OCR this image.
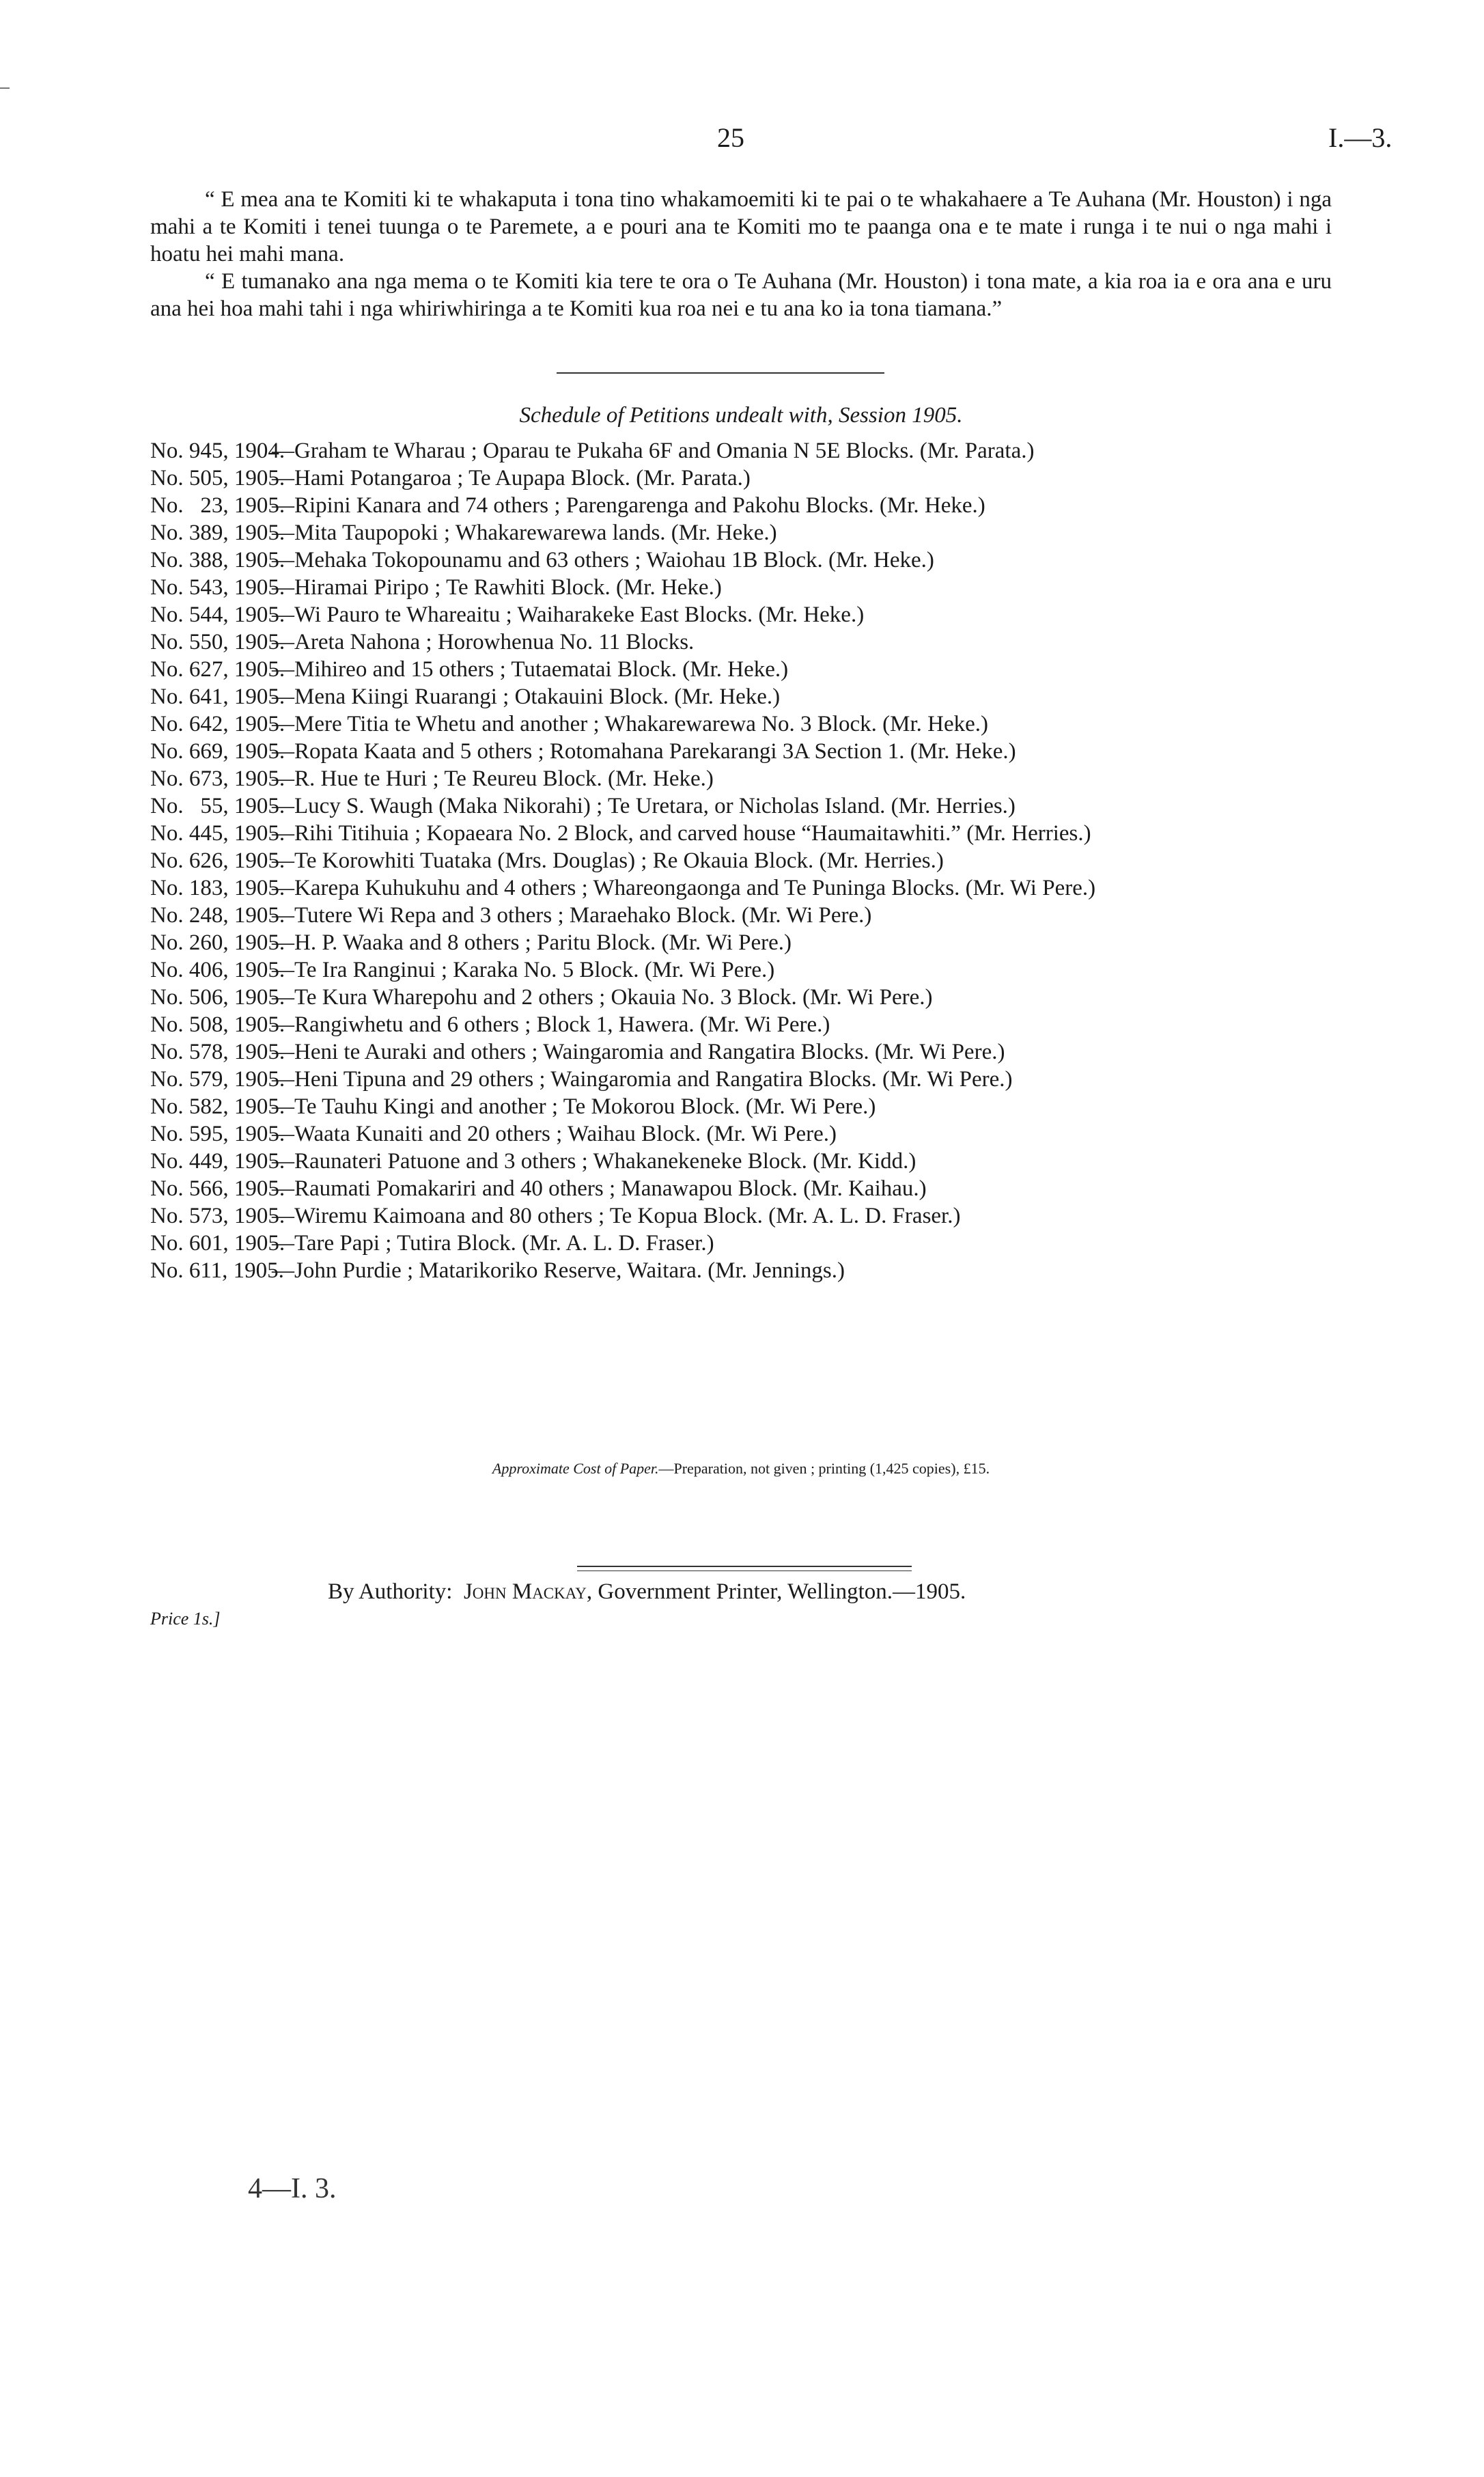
25	I.—3.

“ E mea ana te Komiti ki te whakaputa i tona tino whakamoemiti ki te pai o te whakahaere a Te Auhana (Mr. Houston) i nga mahi a te Komiti i tenei tuunga o te Paremete, a e pouri ana te Komiti mo te paanga ona e te mate i runga i te nui o nga mahi i hoatu hei mahi mana.

“ E tumanako ana nga mema o te Komiti kia tere te ora o Te Auhana (Mr. Houston) i tona mate, a kia roa ia e ora ana e uru ana hei hoa mahi tahi i nga whiriwhiringa a te Komiti kua roa nei e tu ana ko ia tona tiamana.”

Schedule of Petitions undealt with, Session 1905.
No. 945, 1904.
—Graham te Wharau ; Oparau te Pukaha 6F and Omania N 5E Blocks. (Mr. Parata.)
No. 505, 1905.
—Hami Potangaroa ; Te Aupapa Block. (Mr. Parata.)
No.   23, 1905.
—Ripini Kanara and 74 others ; Parengarenga and Pakohu Blocks. (Mr. Heke.)
No. 389, 1905.
—Mita Taupopoki ; Whakarewarewa lands. (Mr. Heke.)
No. 388, 1905.
—Mehaka Tokopounamu and 63 others ; Waiohau 1B Block. (Mr. Heke.)
No. 543, 1905.
—Hiramai Piripo ; Te Rawhiti Block. (Mr. Heke.)
No. 544, 1905.
—Wi Pauro te Whareaitu ; Waiharakeke East Blocks. (Mr. Heke.)
No. 550, 1905.
—Areta Nahona ; Horowhenua No. 11 Blocks.
No. 627, 1905.
—Mihireo and 15 others ; Tutaematai Block. (Mr. Heke.)
No. 641, 1905.
—Mena Kiingi Ruarangi ; Otakauini Block. (Mr. Heke.)
No. 642, 1905.
—Mere Titia te Whetu and another ; Whakarewarewa No. 3 Block. (Mr. Heke.)
No. 669, 1905.
—Ropata Kaata and 5 others ; Rotomahana Parekarangi 3A Section 1. (Mr. Heke.)
No. 673, 1905.
—R. Hue te Huri ; Te Reureu Block. (Mr. Heke.)
No.   55, 1905.
—Lucy S. Waugh (Maka Nikorahi) ; Te Uretara, or Nicholas Island. (Mr. Herries.)
No. 445, 1905.
—Rihi Titihuia ; Kopaeara No. 2 Block, and carved house “Haumaitawhiti.” (Mr. Herries.)
No. 626, 1905.
—Te Korowhiti Tuataka (Mrs. Douglas) ; Re Okauia Block. (Mr. Herries.)
No. 183, 1905.
—Karepa Kuhukuhu and 4 others ; Whareongaonga and Te Puninga Blocks. (Mr. Wi Pere.)
No. 248, 1905.
—Tutere Wi Repa and 3 others ; Maraehako Block. (Mr. Wi Pere.)
No. 260, 1905.
—H. P. Waaka and 8 others ; Paritu Block. (Mr. Wi Pere.)
No. 406, 1905.
—Te Ira Ranginui ; Karaka No. 5 Block. (Mr. Wi Pere.)
No. 506, 1905.
—Te Kura Wharepohu and 2 others ; Okauia No. 3 Block. (Mr. Wi Pere.)
No. 508, 1905.
—Rangiwhetu and 6 others ; Block 1, Hawera. (Mr. Wi Pere.)
No. 578, 1905.
—Heni te Auraki and others ; Waingaromia and Rangatira Blocks. (Mr. Wi Pere.)
No. 579, 1905.
—Heni Tipuna and 29 others ; Waingaromia and Rangatira Blocks. (Mr. Wi Pere.)
No. 582, 1905.
—Te Tauhu Kingi and another ; Te Mokorou Block. (Mr. Wi Pere.)
No. 595, 1905.
—Waata Kunaiti and 20 others ; Waihau Block. (Mr. Wi Pere.)
No. 449, 1905.
—Raunateri Patuone and 3 others ; Whakanekeneke Block. (Mr. Kidd.)
No. 566, 1905.
—Raumati Pomakariri and 40 others ; Manawapou Block. (Mr. Kaihau.)
No. 573, 1905.
—Wiremu Kaimoana and 80 others ; Te Kopua Block. (Mr. A. L. D. Fraser.)
No. 601, 1905.
—Tare Papi ; Tutira Block. (Mr. A. L. D. Fraser.)
No. 611, 1905.
—John Purdie ; Matarikoriko Reserve, Waitara. (Mr. Jennings.)
Approximate Cost of Paper.—Preparation, not given ; printing (1,425 copies), £15.
By Authority: John Mackay, Government Printer, Wellington.—1905.
Price 1s.]
4—I. 3.
